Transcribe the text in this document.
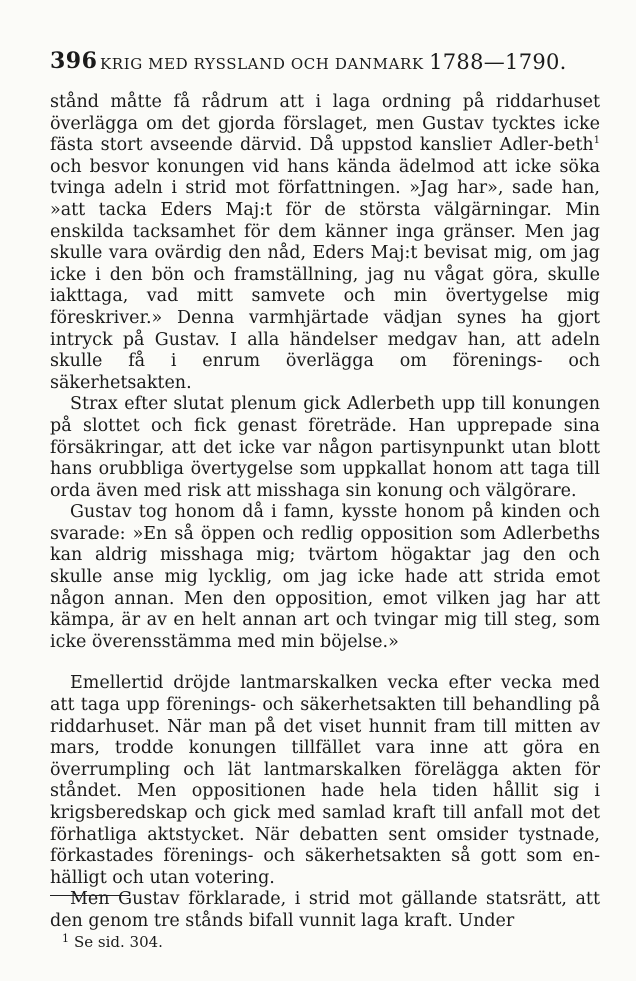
396 KRIG MED RYSSLAND OCH DANMARK 1788—1790.

stånd måtte få rådrum att i laga ordning på riddarhuset överlägga om det gjorda förslaget, men Gustav tycktes icke fästa stort avseende därvid. Då uppstod kansliет Adler-beth$^1$ och besvor konungen vid hans kända ädelmod att icke söka tvinga adeln i strid mot författningen. »Jag har», sade han, »att tacka Eders Maj:t för de största välgärningar. Min enskilda tacksamhet för dem känner inga gränser. Men jag skulle vara ovärdig den nåd, Eders Maj:t bevisat mig, om jag icke i den bön och framställning, jag nu vågat göra, skulle iakttaga, vad mitt samvete och min övertygelse mig föreskriver.» Denna varmhjärtade vädjan synes ha gjort intryck på Gustav. I alla händelser medgav han, att adeln skulle få i enrum överlägga om förenings- och säkerhetsakten.

Strax efter slutat plenum gick Adlerbeth upp till konungen på slottet och fick genast företräde. Han upprepade sina försäkringar, att det icke var någon partisynpunkt utan blott hans orubbliga övertygelse som uppkallat honom att taga till orda även med risk att misshaga sin konung och välgörare.

Gustav tog honom då i famn, kysste honom på kinden och svarade: »En så öppen och redlig opposition som Adlerbeths kan aldrig misshaga mig; tvärtom högaktar jag den och skulle anse mig lycklig, om jag icke hade att strida emot någon annan. Men den opposition, emot vilken jag har att kämpa, är av en helt annan art och tvingar mig till steg, som icke överensstämma med min böjelse.»

Emellertid dröjde lantmarskalken vecka efter vecka med att taga upp förenings- och säkerhetsakten till behandling på riddarhuset. När man på det viset hunnit fram till mitten av mars, trodde konungen tillfället vara inne att göra en överrumpling och lät lantmarskalken förelägga akten för ståndet. Men oppositionen hade hela tiden hållit sig i krigsberedskap och gick med samlad kraft till anfall mot det förhatliga aktstycket. När debatten sent omsider tystnade, förkastades förenings- och säkerhetsakten så gott som en-hälligt och utan votering.

Men Gustav förklarade, i strid mot gällande statsrätt, att den genom tre stånds bifall vunnit laga kraft. Under

$^1$ Se sid. 304.
